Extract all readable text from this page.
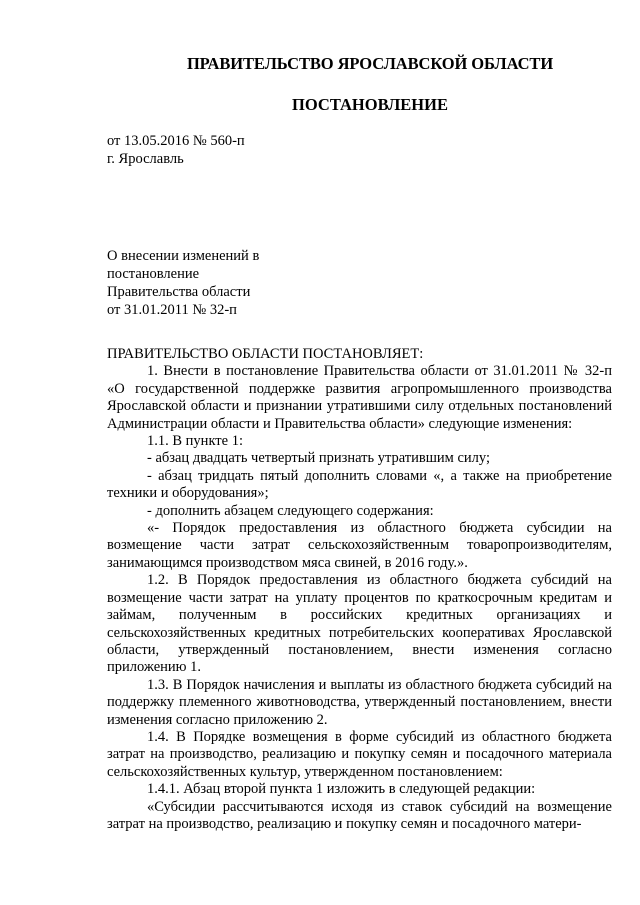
ПРАВИТЕЛЬСТВО ЯРОСЛАВСКОЙ ОБЛАСТИ
ПОСТАНОВЛЕНИЕ
от 13.05.2016 № 560-п
г. Ярославль
О внесении изменений в
постановление
Правительства области
от 31.01.2011 № 32-п

ПРАВИТЕЛЬСТВО ОБЛАСТИ ПОСТАНОВЛЯЕТ:

1. Внести в постановление Правительства области от 31.01.2011 № 32-п «О государственной поддержке развития агропромышленного производства Ярославской области и признании утратившими силу отдельных постановлений Администрации области и Правительства области» следующие изменения:

1.1. В пункте 1:

- абзац двадцать четвертый признать утратившим силу;

- абзац тридцать пятый дополнить словами «, а также на приобретение техники и оборудования»;

- дополнить абзацем следующего содержания:

«- Порядок предоставления из областного бюджета субсидии на возмещение части затрат сельскохозяйственным товаропроизводителям, занимающимся производством мяса свиней, в 2016 году.».

1.2. В Порядок предоставления из областного бюджета субсидий на возмещение части затрат на уплату процентов по краткосрочным кредитам и займам, полученным в российских кредитных организациях и сельскохозяйственных кредитных потребительских кооперативах Ярославской области, утвержденный постановлением, внести изменения согласно приложению 1.

1.3. В Порядок начисления и выплаты из областного бюджета субсидий на поддержку племенного животноводства, утвержденный постановлением, внести изменения согласно приложению 2.

1.4. В Порядке возмещения в форме субсидий из областного бюджета затрат на производство, реализацию и покупку семян и посадочного материала сельскохозяйственных культур, утвержденном постановлением:

1.4.1. Абзац второй пункта 1 изложить в следующей редакции:

«Субсидии рассчитываются исходя из ставок субсидий на возмещение затрат на производство, реализацию и покупку семян и посадочного матери-
